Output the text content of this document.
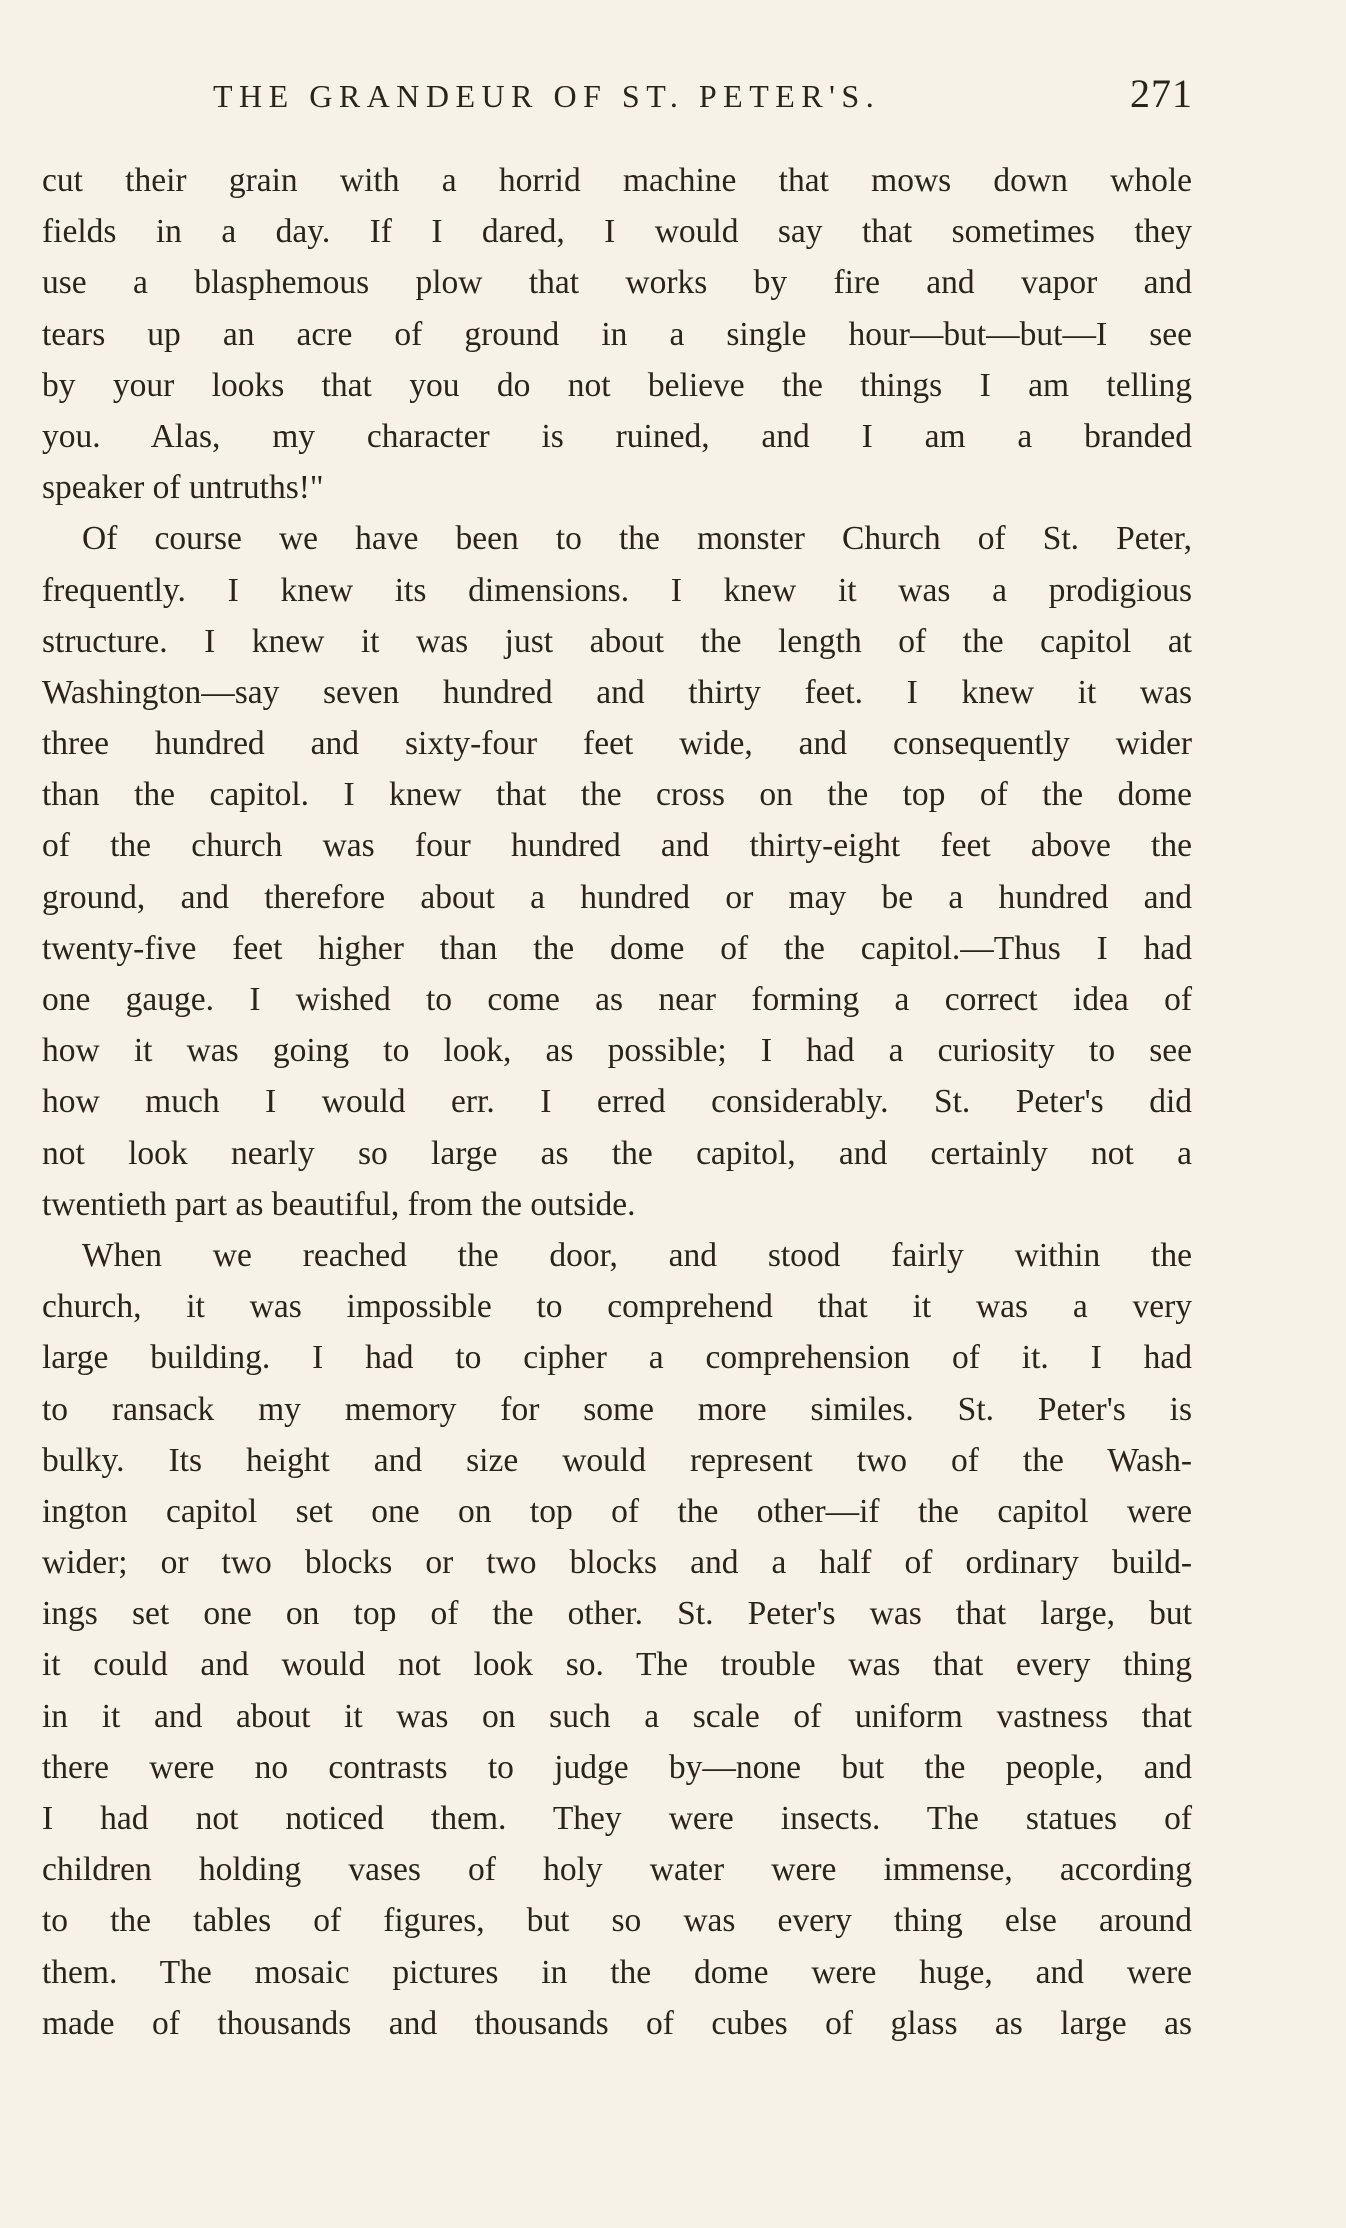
THE GRANDEUR OF ST. PETER'S.	271
cut their grain with a horrid machine that mows down whole
fields in a day. If I dared, I would say that sometimes they
use a blasphemous plow that works by fire and vapor and
tears up an acre of ground in a single hour—but—but—I see
by your looks that you do not believe the things I am telling
you. Alas, my character is ruined, and I am a branded
speaker of untruths!"
Of course we have been to the monster Church of St. Peter,
frequently. I knew its dimensions. I knew it was a prodigious
structure. I knew it was just about the length of the capitol at
Washington—say seven hundred and thirty feet. I knew it was
three hundred and sixty-four feet wide, and consequently wider
than the capitol. I knew that the cross on the top of the dome
of the church was four hundred and thirty-eight feet above the
ground, and therefore about a hundred or may be a hundred and
twenty-five feet higher than the dome of the capitol.—Thus I had
one gauge. I wished to come as near forming a correct idea of
how it was going to look, as possible; I had a curiosity to see
how much I would err. I erred considerably. St. Peter's did
not look nearly so large as the capitol, and certainly not a
twentieth part as beautiful, from the outside.
When we reached the door, and stood fairly within the
church, it was impossible to comprehend that it was a very
large building. I had to cipher a comprehension of it. I had
to ransack my memory for some more similes. St. Peter's is
bulky. Its height and size would represent two of the Wash-
ington capitol set one on top of the other—if the capitol were
wider; or two blocks or two blocks and a half of ordinary build-
ings set one on top of the other. St. Peter's was that large, but
it could and would not look so. The trouble was that every thing
in it and about it was on such a scale of uniform vastness that
there were no contrasts to judge by—none but the people, and
I had not noticed them. They were insects. The statues of
children holding vases of holy water were immense, according
to the tables of figures, but so was every thing else around
them. The mosaic pictures in the dome were huge, and were
made of thousands and thousands of cubes of glass as large as
